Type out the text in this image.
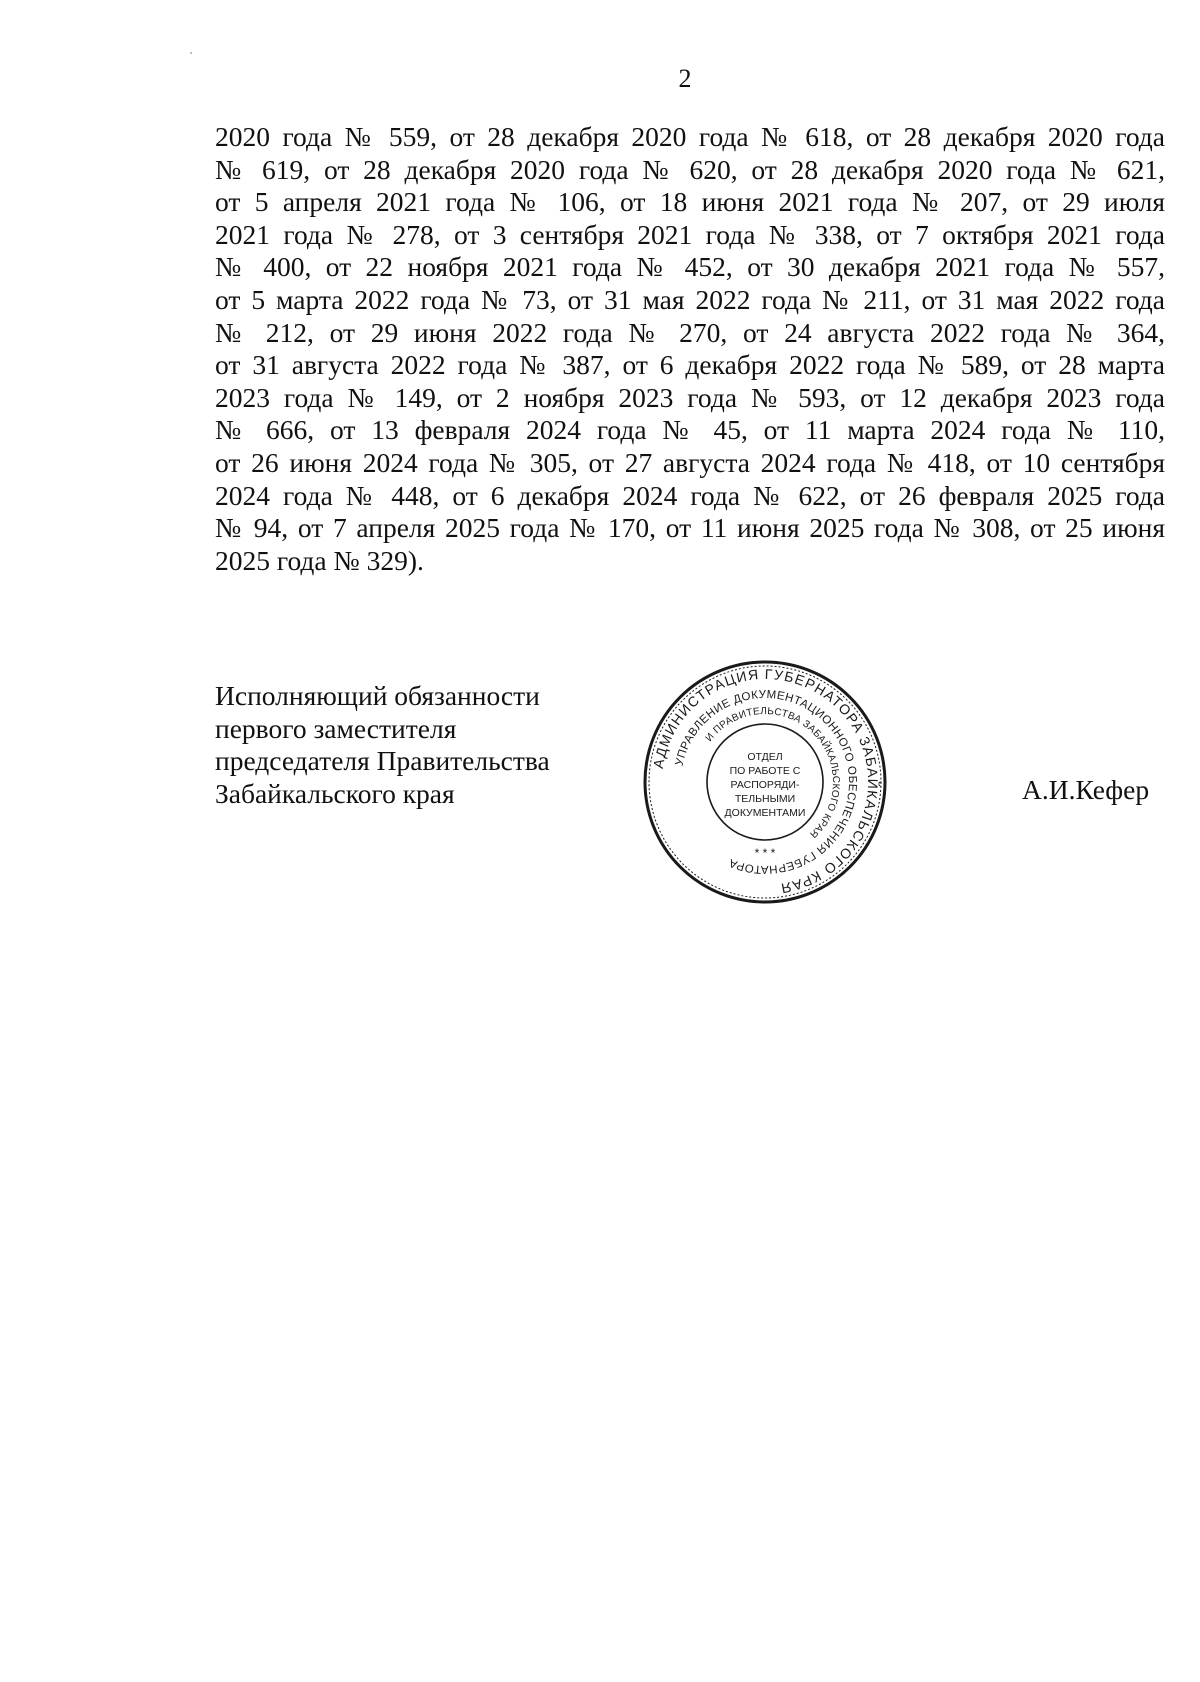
2
2020 года № 559, от 28 декабря 2020 года № 618, от 28 декабря 2020 года
№ 619, от 28 декабря 2020 года № 620, от 28 декабря 2020 года № 621,
от 5 апреля 2021 года № 106, от 18 июня 2021 года № 207, от 29 июля
2021 года № 278, от 3 сентября 2021 года № 338, от 7 октября 2021 года
№ 400, от 22 ноября 2021 года № 452, от 30 декабря 2021 года № 557,
от 5 марта 2022 года № 73, от 31 мая 2022 года № 211, от 31 мая 2022 года
№ 212, от 29 июня 2022 года № 270, от 24 августа 2022 года № 364,
от 31 августа 2022 года № 387, от 6 декабря 2022 года № 589, от 28 марта
2023 года № 149, от 2 ноября 2023 года № 593, от 12 декабря 2023 года
№ 666, от 13 февраля 2024 года № 45, от 11 марта 2024 года № 110,
от 26 июня 2024 года № 305, от 27 августа 2024 года № 418, от 10 сентября
2024 года № 448, от 6 декабря 2024 года № 622, от 26 февраля 2025 года
№ 94, от 7 апреля 2025 года № 170, от 11 июня 2025 года № 308, от 25 июня
2025 года № 329).
Исполняющий обязанности
первого заместителя
председателя Правительства
Забайкальского края
АДМИНИСТРАЦИЯ ГУБЕРНАТОРА ЗАБАЙКАЛЬСКОГО КРАЯ
УПРАВЛЕНИЕ ДОКУМЕНТАЦИОННОГО ОБЕСПЕЧЕНИЯ ГУБЕРНАТОРА
И ПРАВИТЕЛЬСТВА ЗАБАЙКАЛЬСКОГО КРАЯ
ОТДЕЛ
ПО РАБОТЕ С
РАСПОРЯДИ-
ТЕЛЬНЫМИ
ДОКУМЕНТАМИ
* * *
А.И.Кефер
